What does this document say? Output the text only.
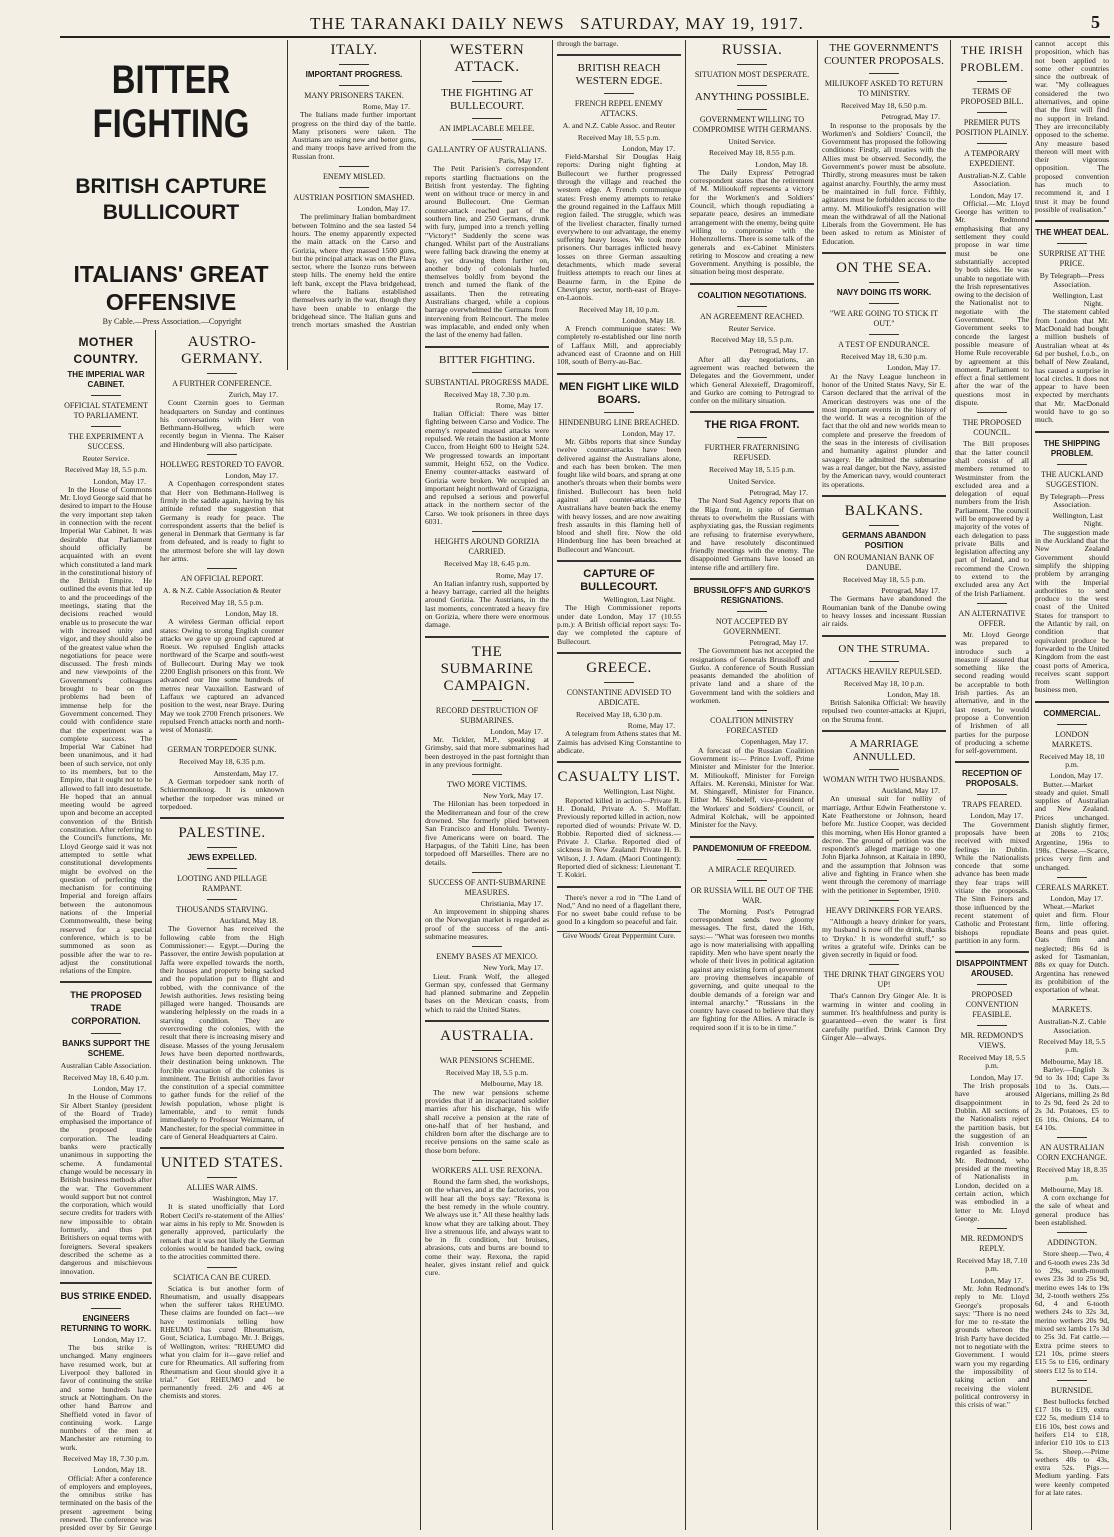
THE TARANAKI DAILY NEWS SATURDAY, MAY 19, 1917.	5
BITTER FIGHTING
BRITISH CAPTURE BULLICOURT
ITALIANS' GREAT OFFENSIVE
By Cable.—Press Association.—Copyright
MOTHER COUNTRY.
THE IMPERIAL WAR CABINET.
OFFICIAL STATEMENT TO PARLIAMENT.
THE EXPERIMENT A SUCCESS.
Reuter Service.
Received May 18, 5.5 p.m.
London, May 17.

In the House of Commons Mr. Lloyd George said that he desired to impart to the House the very important step taken in connection with the recent Imperial War Cabinet. It was desirable that Parliament should officially be acquainted with an event which constituted a land mark in the constitutional history of the British Empire. He outlined the events that led up to and the proceedings of the meetings, stating that the decisions reached would enable us to prosecute the war with increased unity and vigor, and they should also be of the greatest value when the negotiations for peace were discussed. The fresh minds and new viewpoints of the Government's colleagues brought to bear on the problems had been of immense help for the Government concerned. They could with confidence state that the experiment was a complete success. The Imperial War Cabinet had been unanimous, and it had been of such service, not only to its members, but to the Empire, that it ought not to be allowed to fall into desuetude. He hoped that an annual meeting would be agreed upon and become an accepted convention of the British constitution. After referring to the Council's functions, Mr. Lloyd George said it was not attempted to settle what constitutional developments might be evolved on the question of perfecting the mechanism for continuing Imperial and foreign affairs between the autonomous nations of the Imperial Commonwealth, these being reserved for a special conference, which is to be summoned as soon as possible after the war to re-adjust the constitutional relations of the Empire.

THE PROPOSED TRADE CORPORATION.
BANKS SUPPORT THE SCHEME.
Australian Cable Association.
Received May 18, 6.40 p.m.
London, May 17.

In the House of Commons Sir Albert Stanley (president of the Board of Trade) emphasised the importance of the proposed trade corporation. The leading banks were practically unanimous in supporting the scheme. A fundamental change would be necessary in British business methods after the war. The Government would support but not control the corporation, which would secure credits for traders with new impossible to obtain formerly, and thus put Britishers on equal terms with foreigners. Several speakers described the scheme as a dangerous and mischievous innovation.

BUS STRIKE ENDED.
ENGINEERS RETURNING TO WORK.
London, May 17.

The bus strike is unchanged. Many engineers have resumed work, but at Liverpool they balloted in favor of continuing the strike and some hundreds have struck at Nottingham. On the other hand Barrow and Sheffield voted in favor of continuing work. Large numbers of the men at Manchester are returning to work.

Received May 18, 7.30 p.m.
London, May 18.

Official: After a conference of employers and employees, the omnibus strike has terminated on the basis of the present agreement being renewed. The conference was presided over by Sir George

ITALY.
IMPORTANT PROGRESS.
MANY PRISONERS TAKEN.
Rome, May 17.

The Italians made further important progress on the third day of the battle. Many prisoners were taken. The Austrians are using new and better guns, and many troops have arrived from the Russian front.

ENEMY MISLED.
AUSTRIAN POSITION SMASHED.
London, May 17.

The preliminary Italian bombardment between Tolmino and the sea lasted 54 hours. The enemy apparently expected the main attack on the Carso and Gorizia, where they massed 1500 guns, but the principal attack was on the Plava sector, where the Isonzo runs between steep hills. The enemy held the entire left bank, except the Plava bridgehead, where the Italians established themselves early in the war, though they have been unable to enlarge the bridgehead since. The Italian guns and trench mortars smashed the Austrian

AUSTRO-GERMANY.
A FURTHER CONFERENCE.
Zurich, May 17.

Count Czernin goes to German headquarters on Sunday and continues his conversations with Herr von Bethmann-Hollweg, which were recently begun in Vienna. The Kaiser and Hindenburg will also participate.

HOLLWEG RESTORED TO FAVOR.
London, May 17.

A Copenhagen correspondent states that Herr von Bethmann-Hollweg is firmly in the saddle again, having by his attitude refuted the suggestion that Germany is ready for peace. The correspondent asserts that the belief is general in Denmark that Germany is far from defeated, and is ready to fight to the uttermost before she will lay down her arms.

AN OFFICIAL REPORT.
A. & N.Z. Cable Association & Reuter
Received May 18, 5.5 p.m.
London, May 18.

A wireless German official report states: Owing to strong English counter attacks we gave up ground captured at Roeux. We repulsed English attacks northward of the Scarpe and south-west of Bullecourt. During May we took 2200 English prisoners on this front. We advanced our line some hundreds of metres near Vauxaillon. Eastward of Laffaux we captured an advanced position to the west, near Braye. During May we took 2700 French prisoners. We repulsed French attacks north and north-west of Monastir.

GERMAN TORPEDOER SUNK.
Received May 18, 6.35 p.m.
Amsterdam, May 17.

A German torpedoer sank north of Schiermonnikoog. It is unknown whether the torpedoer was mined or torpedoed.

PALESTINE.
JEWS EXPELLED.
LOOTING AND PILLAGE RAMPANT.
THOUSANDS STARVING.
Auckland, May 18.

The Governor has received the following cable from the High Commissioner:— Egypt.—During the Passover, the entire Jewish population at Jaffa were expelled towards the north, their houses and property being sacked and the population put to flight and robbed, with the connivance of the Jewish authorities. Jews resisting being pillaged were hanged. Thousands are wandering helplessly on the roads in a starving condition. They are overcrowding the colonies, with the result that there is increasing misery and disease. Masses of the young Jerusalem Jews have been deported northwards, their destination being unknown. The forcible evacuation of the colonies is imminent. The British authorities favor the constitution of a special committee to gather funds for the relief of the Jewish population, whose plight is lamentable, and to remit funds immediately to Professor Weizmann, of Manchester, for the special committee in care of General Headquarters at Cairo.

UNITED STATES.
ALLIES WAR AIMS.
Washington, May 17.

It is stated unofficially that Lord Robert Cecil's re-statement of the Allies' war aims in his reply to Mr. Snowden is generally approved, particularly the remark that it was not likely the German colonies would be handed back, owing to the atrocities committed there.

SCIATICA CAN BE CURED.

Sciatica is but another form of Rheumatism, and usually disappears when the sufferer takes RHEUMO. These claims are founded on fact—we have testimonials telling how RHEUMO has cured Rheumatism, Gout, Sciatica, Lumbago. Mr. J. Briggs, of Wellington, writes: "RHEUMO did what you claim for it—gave relief and cure for Rheumatics. All suffering from Rheumatism and Gout should give it a trial." Get RHEUMO and be permanently freed. 2/6 and 4/6 at chemists and stores.

WESTERN ATTACK.
THE FIGHTING AT BULLECOURT.
AN IMPLACABLE MELEE.
GALLANTRY OF AUSTRALIANS.
Paris, May 17.

The Petit Parisien's correspondent reports startling fluctuations on the British front yesterday. The fighting went on without truce or mercy in and around Bullecourt. One German counter-attack reached part of the southern line, and 250 Germans, drunk with fury, jumped into a trench yelling "Victory!" Suddenly the scene was changed. Whilst part of the Australians were falling back drawing the enemy at bay, yet drawing them further on, another body of colonials hurled themselves boldly from beyond the trench and turned the flank of the assailants. Then the retreating Australians charged, while a copious barrage overwhelmed the Germans from intervening from Reincourt. The melee was implacable, and ended only when the last of the enemy had fallen.

BITTER FIGHTING.
SUBSTANTIAL PROGRESS MADE.
Received May 18, 7.30 p.m.
Rome, May 17.

Italian Official: There was bitter fighting between Carso and Vodice. The enemy's repeated massed attacks were repulsed. We retain the bastion at Monte Cucco, from Height 600 to Height 524. We progressed towards an important summit, Height 652, on the Vodice. Enemy counter-attacks eastward of Gorizia were broken. We occupied an important height northward of Grazigna, and repulsed a serious and powerful attack in the northern sector of the Carso. We took prisoners in three days 6031.

HEIGHTS AROUND GORIZIA CARRIED.
Received May 18, 6.45 p.m.
Rome, May 17.

An Italian infantry rush, supported by a heavy barrage, carried all the heights around Gorizia. The Austrians, in the last moments, concentrated a heavy fire on Gorizia, where there were enormous damage.

THE SUBMARINE CAMPAIGN.
RECORD DESTRUCTION OF SUBMARINES.
London, May 17.

Mr. Tickler, M.P., speaking at Grimsby, said that more submarines had been destroyed in the past fortnight than in any previous fortnight.

TWO MORE VICTIMS.
New York, May 17.

The Hilonian has been torpedoed in the Mediterranean and four of the crew drowned. She formerly plied between San Francisco and Honolulu. Twenty-five Americans were on board. The Harpagus, of the Tahiti Line, has been torpedoed off Marseilles. There are no details.

SUCCESS OF ANTI-SUBMARINE MEASURES.
Christiania, May 17.

An improvement in shipping shares on the Norwegian market is regarded as proof of the success of the anti-submarine measures.

ENEMY BASES AT MEXICO.
New York, May 17.

Lieut. Frank Wolf, the alleged German spy, confessed that Germany had planned submarine and Zeppelin bases on the Mexican coasts, from which to raid the United States.

AUSTRALIA.
WAR PENSIONS SCHEME.
Received May 18, 5.5 p.m.
Melbourne, May 18.

The new war pensions scheme provides that if an incapacitated soldier marries after his discharge, his wife shall receive a pension at the rate of one-half that of her husband, and children born after the discharge are to receive pensions on the same scale as those born before.

WORKERS ALL USE REXONA.

Round the farm shed, the workshops, on the wharves, and at the factories, you will hear all the boys say: "Rexona is the best remedy in the whole country. We always use it." All these healthy lads know what they are talking about. They live a strenuous life, and always want to be in fit condition, but bruises, abrasions, cuts and burns are bound to come their way. Rexona, the rapid healer, gives instant relief and quick cure.

through the barrage.

BRITISH REACH WESTERN EDGE.
FRENCH REPEL ENEMY ATTACKS.
A. and N.Z. Cable Assoc. and Reuter
Received May 18, 5.5 p.m.
London, May 17.

Field-Marshal Sir Douglas Haig reports: During night fighting at Bullecourt we further progressed through the village and reached the western edge. A French communique states: Fresh enemy attempts to retake the ground regained in the Laffaux Mill region failed. The struggle, which was of the liveliest character, finally turned everywhere to our advantage, the enemy suffering heavy losses. We took more prisoners. Our barrages inflicted heavy losses on three German assaulting detachments, which made several fruitless attempts to reach our lines at Beaurne farm, in the Epine de Chevrigny sector, north-east of Braye-en-Laonois.

Received May 18, 10 p.m.
London, May 18.

A French communique states: We completely re-established our line north of Laffaux Mill, and appreciably advanced east of Craonne and on Hill 108, south of Berry-au-Bac.

MEN FIGHT LIKE WILD BOARS.
HINDENBURG LINE BREACHED.
London, May 17.

Mr. Gibbs reports that since Sunday twelve counter-attacks have been delivered against the Australians alone, and each has been broken. The men fought like wild boars, and sprang at one another's throats when their bombs were finished. Bullecourt has been held against all counter-attacks. The Australians have beaten back the enemy with heavy losses, and are now awaiting fresh assaults in this flaming hell of blood and shell fire. Now the old Hindenburg line has been breached at Bullecourt and Wancourt.

CAPTURE OF BULLECOURT.
Wellington, Last Night.

The High Commissioner reports under date London, May 17 (10.55 p.m.): A British official report says: To-day we completed the capture of Bullecourt.

GREECE.
CONSTANTINE ADVISED TO ABDICATE.
Received May 18, 6.30 p.m.
Rome, May 17.

A telegram from Athens states that M. Zaimis has advised King Constantine to abdicate.

CASUALTY LIST.
Wellington, Last Night.

Reported killed in action—Private R. H. Donald, Private A. S. Moffatt. Previously reported killed in action, now reported died of wounds: Private W. D. Robbie. Reported died of sickness.—Private J. Clarke. Reported died of sickness in New Zealand: Private H. B. Wilson, J. J. Adam. (Maori Contingent): Reported died of sickness: Lieutenant T. T. Kokiri.

There's never a rod in "The Land of Nod," And no need of a flagellant there, For no sweet babe could refuse to be good In a kingdom so peaceful and fair.

Give Woods' Great Peppermint Cure.
RUSSIA.
SITUATION MOST DESPERATE.
ANYTHING POSSIBLE.
GOVERNMENT WILLING TO COMPROMISE WITH GERMANS.
United Service.
Received May 18, 8.55 p.m.
London, May 18.

The Daily Express' Petrograd correspondent states that the retirement of M. Milioukoff represents a victory for the Workmen's and Soldiers' Council, which though repudiating a separate peace, desires an immediate arrangement with the enemy, being quite willing to compromise with the Hohenzollerns. There is some talk of the generals and ex-Cabinet Ministers retiring to Moscow and creating a new Government. Anything is possible, the situation being most desperate.

COALITION NEGOTIATIONS.
AN AGREEMENT REACHED.
Reuter Service.
Received May 18, 5.5 p.m.
Petrograd, May 17.

After all day negotiations, an agreement was reached between the Delegates and the Government, under which General Alexeieff, Dragomiroff, and Gurko are coming to Petrograd to confer on the military situation.

THE RIGA FRONT.
FURTHER FRATERNISING REFUSED.
Received May 18, 5.15 p.m.
United Service.
Petrograd, May 17.

The Nord Sud Agency reports that on the Riga front, in spite of German threats to overwhelm the Russians with asphyxiating gas, the Russian regiments are refusing to fraternise everywhere, and have resolutely discontinued friendly meetings with the enemy. The disappointed Germans have loosed an intense rifle and artillery fire.

BRUSSILOFF'S AND GURKO'S RESIGNATIONS.
NOT ACCEPTED BY GOVERNMENT.
Petrograd, May 17.

The Government has not accepted the resignations of Generals Brussiloff and Gurko. A conference of South Russian peasants demanded the abolition of private land and a share of the Government land with the soldiers and workmen.

COALITION MINISTRY FORECASTED
Copenhagen, May 17.

A forecast of the Russian Coalition Government is:— Prince Lvoff, Prime Minister and Minister for the Interior. M. Milioukoff, Minister for Foreign Affairs. M. Kerenski, Minister for War. M. Shingareff, Minister for Finance. Either M. Skobeleff, vice-president of the Workers' and Soldiers' Council, or Admiral Kolchak, will be appointed Minister for the Navy.

PANDEMONIUM OF FREEDOM.
A MIRACLE REQUIRED.
OR RUSSIA WILL BE OUT OF THE WAR.

The Morning Post's Petrograd correspondent sends two gloomy messages. The first, dated the 16th, says:— "What was foreseen two months ago is now materialising with appalling rapidity. Men who have spent nearly the whole of their lives in political agitation against any existing form of government are proving themselves incapable of governing, and quite unequal to the double demands of a foreign war and internal anarchy." "Russians in the country have ceased to believe that they are fighting for the Allies. A miracle is required soon if it is to be in time."

THE GOVERNMENT'S COUNTER PROPOSALS.
MILIUKOFF ASKED TO RETURN TO MINISTRY.
Received May 18, 6.50 p.m.
Petrograd, May 17.

In response to the proposals by the Workmen's and Soldiers' Council, the Government has proposed the following conditions: Firstly, all treaties with the Allies must be observed. Secondly, the Government's power must be absolute. Thirdly, strong measures must be taken against anarchy. Fourthly, the army must be maintained in full force. Fifthly, agitators must be forbidden access to the army. M. Milioukoff's resignation will mean the withdrawal of all the National Liberals from the Government. He has been asked to return as Minister of Education.

ON THE SEA.
NAVY DOING ITS WORK.
"WE ARE GOING TO STICK IT OUT."
A TEST OF ENDURANCE.
Received May 18, 6.30 p.m.
London, May 17.

At the Navy League luncheon in honor of the United States Navy, Sir E. Carson declared that the arrival of the American destroyers was one of the most important events in the history of the world. It was a recognition of the fact that the old and new worlds mean to complete and preserve the freedom of the seas in the interests of civilisation and humanity against plunder and savagery. He admitted the submarine was a real danger, but the Navy, assisted by the American navy, would counteract its operations.

BALKANS.
GERMANS ABANDON POSITION
ON ROUMANIAN BANK OF DANUBE.
Received May 18, 5.5 p.m.
Petrograd, May 17.

The Germans have abandoned the Roumanian bank of the Danube owing to heavy losses and incessant Russian air raids.

ON THE STRUMA.
ATTACKS HEAVILY REPULSED.
Received May 18, 10 p.m.
London, May 18.

British Salonika Official: We heavily repulsed two counter-attacks at Kjupri, on the Struma front.

A MARRIAGE ANNULLED.
WOMAN WITH TWO HUSBANDS.
Auckland, May 17.

An unusual suit for nullity of marriage, Arthur Edwin Featherstone v. Kate Featherstone or Johnson, heard before Mr. Justice Cooper, was decided this morning, when His Honor granted a decree. The ground of petition was the respondent's alleged marriage to one John Bjarka Johnson, at Kaitaia in 1890, and the assumption that Johnson was alive and fighting in France when she went through the ceremony of marriage with the petitioner in September, 1910.

HEAVY DRINKERS FOR YEARS.

"Although a heavy drinker for years, my husband is now off the drink, thanks to 'Dryko.' It is wonderful stuff," so writes a grateful wife. Drinks can be given secretly in liquid or food.

THE DRINK THAT GINGERS YOU UP!

That's Cannon Dry Ginger Ale. It is warming in winter and cooling in summer. It's healthfulness and purity is guaranteed—even the water is first carefully purified. Drink Cannon Dry Ginger Ale—always.

THE IRISH PROBLEM.
TERMS OF PROPOSED BILL.
PREMIER PUTS POSITION PLAINLY.
A TEMPORARY EXPEDIENT.
Australian-N.Z. Cable Association.
London, May 17.

Official.—Mr. Lloyd George has written to Mr. Redmond emphasising that any settlement they could propose in war time must be one substantially accepted by both sides. He was unable to negotiate with the Irish representatives owing to the decision of the Nationalist not to negotiate with the Government. The Government seeks to concede the largest possible measure of Home Rule recoverable by agreement at this moment. Parliament to effect a final settlement after the war of the questions most in dispute.

THE PROPOSED COUNCIL.

The Bill proposes that the latter council shall consist of all members returned to Westminster from the excluded area and a delegation of equal numbers from the Irish Parliament. The council will be empowered by a majority of the votes of each delegation to pass private Bills and legislation affecting any part of Ireland, and to recommend the Crown to extend to the excluded area any Act of the Irish Parliament.

AN ALTERNATIVE OFFER.

Mr. Lloyd George was prepared to introduce such a measure if assured that something like the second reading would be acceptable to both Irish parties. As an alternative, and in the last resort, he would propose a Convention of Irishmen of all parties for the purpose of producing a scheme for self-government.

RECEPTION OF PROPOSALS.
TRAPS FEARED.
London, May 17.

The Government proposals have been received with mixed feelings in Dublin. While the Nationalists concede that some advance has been made they fear traps will vitiate the proposals. The Sinn Feiners and those influenced by the recent statement of Catholic and Protestant bishops repudiate partition in any form.

DISAPPOINTMENT AROUSED.
PROPOSED CONVENTION FEASIBLE.
MR. REDMOND'S VIEWS.
Received May 18, 5.5 p.m.
London, May 17.

The Irish proposals have aroused disappointment in Dublin. All sections of the Nationalists reject the partition basis, but the suggestion of an Irish convention is regarded as feasible. Mr. Redmond, who presided at the meeting of Nationalists in London, decided on a certain action, which was embodied in a letter to Mr. Lloyd George.

MR. REDMOND'S REPLY.
Received May 18, 7.10 p.m.
London, May 17.

Mr. John Redmond's reply to Mr. Lloyd George's proposals says: "There is no need for me to re-state the grounds whereon the Irish Party have decided not to negotiate with the Government. I would warn you my regarding the impossibility of taking action and receiving the violent political controversy in this crisis of war."

cannot accept this proposition, which has not been applied to some other countries since the outbreak of war. "My colleagues considered the two alternatives, and opine that the first will find no support in Ireland. They are irreconcilably opposed to the scheme. Any measure based thereon will meet with their vigorous opposition. The proposed convention has much to recommend it, and I trust it may be found possible of realisation."

THE WHEAT DEAL.
SURPRISE AT THE PRICE.
By Telegraph—Press Association.
Wellington, Last Night.

The statement cabled from London that Mr. MacDonald had bought a million bushels of Australian wheat at 4s 6d per bushel, f.o.b., on behalf of New Zealand, has caused a surprise in local circles. It does not appear to have been expected by merchants that Mr. MacDonald would have to go so much.

THE SHIPPING PROBLEM.
THE AUCKLAND SUGGESTION.
By Telegraph—Press Association.
Wellington, Last Night.

The suggestion made in the Auckland that the New Zealand Government should simplify the shipping problem by arranging with the Imperial authorities to send produce to the west coast of the United States for transport to the Atlantic by rail, on condition that equivalent produce be forwarded to the United Kingdom from the east coast ports of America, receives scant support from Wellington business men.

COMMERCIAL.
LONDON MARKETS.
Received May 18, 10 p.m.
London, May 17.

Butter.—Market steady and quiet. Small supplies of Australian and New Zealand. Prices unchanged. Danish slightly firmer, at 208s to 210s; Argentine, 196s to 198s. Cheese.—Scarce, prices very firm and unchanged.

CEREALS MARKET.
London, May 17.

Wheat.—Market quiet and firm. Flour firm, little offering. Beans and peas quiet. Oats firm and neglected; 86s 6d is asked for Tasmanian, 88s ex quay for Dutch. Argentina has renewed its prohibition of the exportation of wheat.

MARKETS.
Australian-N.Z. Cable Association.
Received May 18, 5.5 p.m.
Melbourne, May 18.

Barley.—English 3s 9d to 3s 10d; Cape 3s 10d to 3s. Oats.—Algerians, milling 2s 8d to 2s 9d, feed 2s 2d to 2s 3d. Potatoes, £5 to £6 10s. Onions, £4 to £4 10s.

AN AUSTRALIAN CORN EXCHANGE.
Received May 18, 8.35 p.m.
Melbourne, May 18.

A corn exchange for the sale of wheat and general produce has been established.

ADDINGTON.

Store sheep.—Two, 4 and 6-tooth ewes 23s 3d to 29s, south-mouth ewes 23s 3d to 25s 9d, merino ewes 14s to 19s 3d, 2-tooth wethers 25s 6d, 4 and 6-tooth wethers 24s to 32s 3d, merino wethers 20s 9d, mixed sex lambs 17s 3d to 25s 3d. Fat cattle.—Extra prime steers to £21 10s, prime steers £15 5s to £16, ordinary steers £12 5s to £14.

BURNSIDE.

Best bullocks fetched £17 10s to £19, extra £22 5s, medium £14 to £16 10s, best cows and heifers £14 to £18, inferior £10 10s to £13 5s. Sheep.—Prime wethers 40s to 43s, extra 52s. Pigs.—Medium yarding. Fats were keenly competed for at late rates.
